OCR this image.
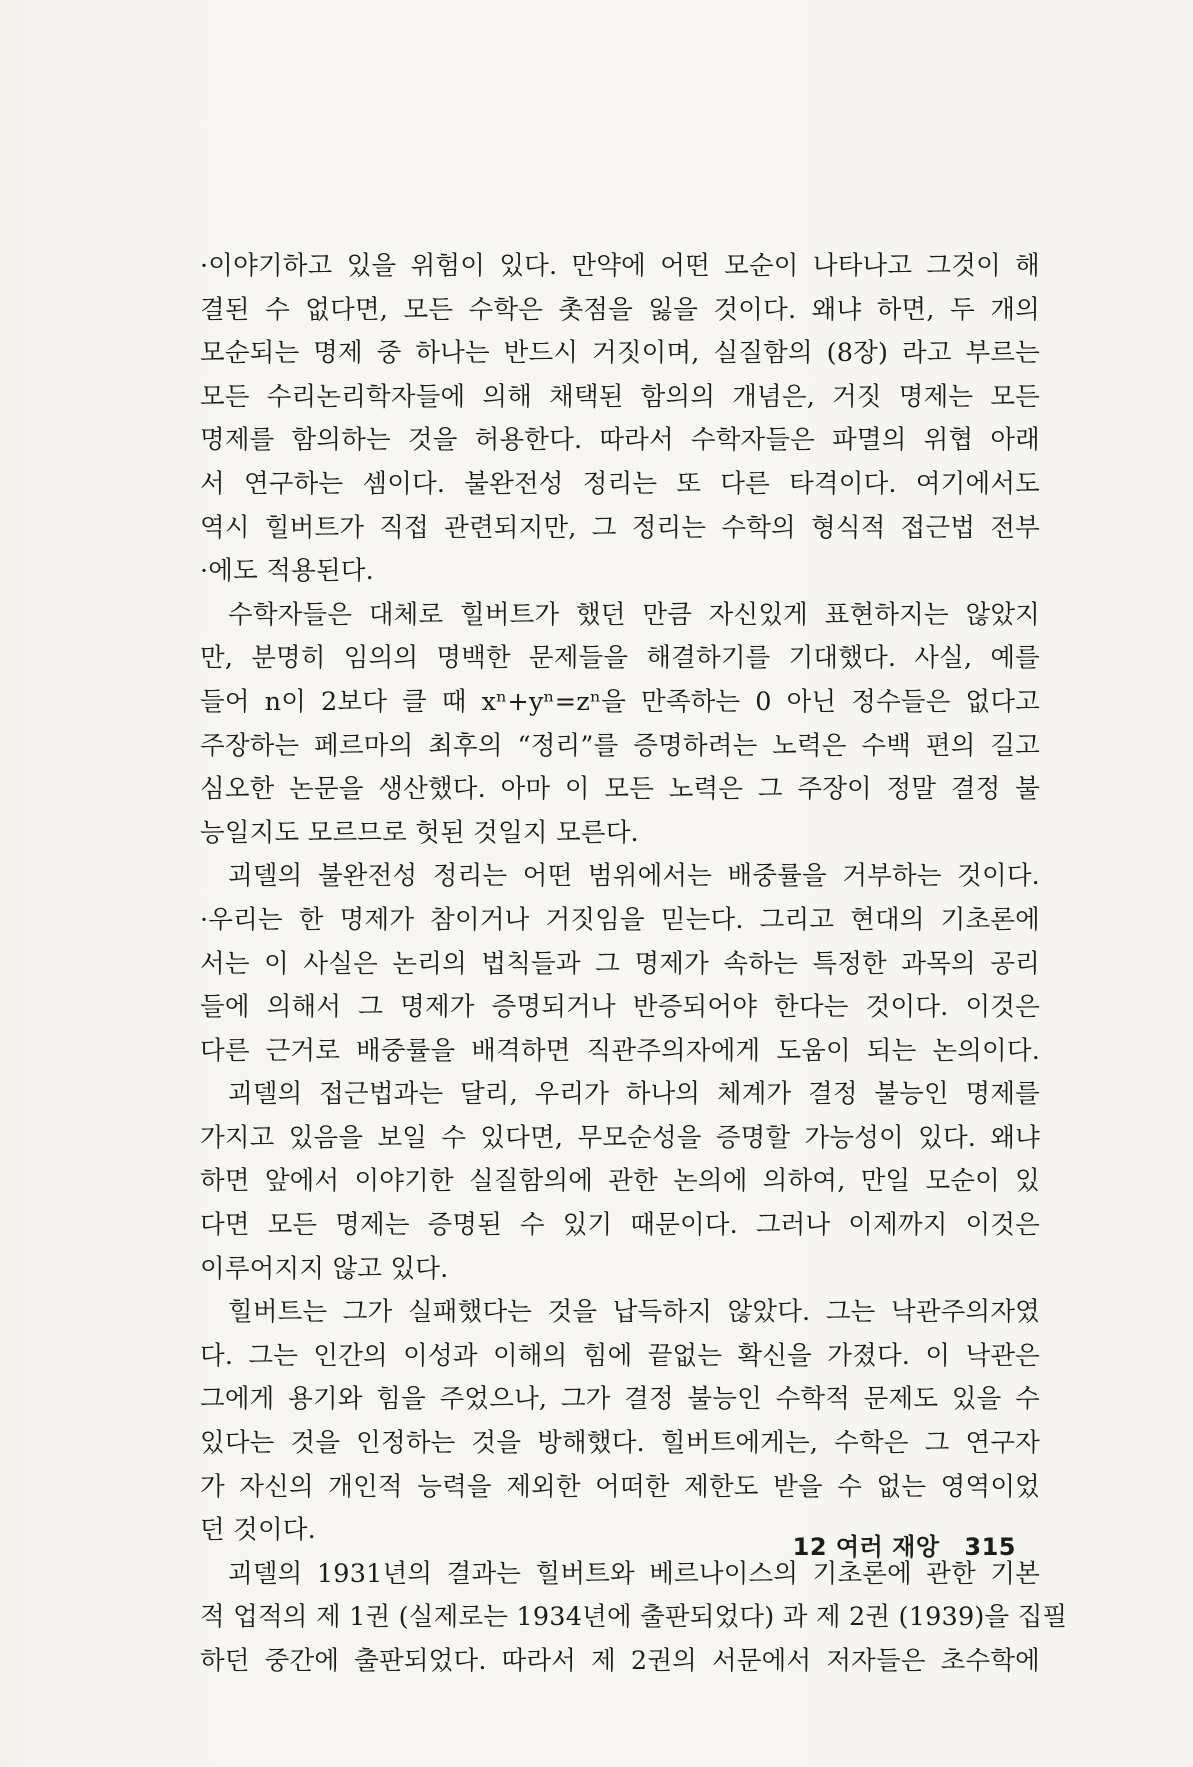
·이야기하고 있을 위험이 있다. 만약에 어떤 모순이 나타나고 그것이 해
결된 수 없다면, 모든 수학은 촛점을 잃을 것이다. 왜냐 하면, 두 개의
모순되는 명제 중 하나는 반드시 거짓이며, 실질함의 (8장) 라고 부르는
모든 수리논리학자들에 의해 채택된 함의의 개념은, 거짓 명제는 모든
명제를 함의하는 것을 허용한다. 따라서 수학자들은 파멸의 위협 아래
서 연구하는 셈이다. 불완전성 정리는 또 다른 타격이다. 여기에서도
역시 힐버트가 직접 관련되지만, 그 정리는 수학의 형식적 접근법 전부
·에도 적용된다.
수학자들은 대체로 힐버트가 했던 만큼 자신있게 표현하지는 않았지
만, 분명히 임의의 명백한 문제들을 해결하기를 기대했다. 사실, 예를
들어 n이 2보다 클 때 xⁿ+yⁿ=zⁿ을 만족하는 0 아닌 정수들은 없다고
주장하는 페르마의 최후의 “정리”를 증명하려는 노력은 수백 편의 길고
심오한 논문을 생산했다. 아마 이 모든 노력은 그 주장이 정말 결정 불
능일지도 모르므로 헛된 것일지 모른다.
괴델의 불완전성 정리는 어떤 범위에서는 배중률을 거부하는 것이다.
·우리는 한 명제가 참이거나 거짓임을 믿는다. 그리고 현대의 기초론에
서는 이 사실은 논리의 법칙들과 그 명제가 속하는 특정한 과목의 공리
들에 의해서 그 명제가 증명되거나 반증되어야 한다는 것이다. 이것은
다른 근거로 배중률을 배격하면 직관주의자에게 도움이 되는 논의이다.
괴델의 접근법과는 달리, 우리가 하나의 체계가 결정 불능인 명제를
가지고 있음을 보일 수 있다면, 무모순성을 증명할 가능성이 있다. 왜냐
하면 앞에서 이야기한 실질함의에 관한 논의에 의하여, 만일 모순이 있
다면 모든 명제는 증명된 수 있기 때문이다. 그러나 이제까지 이것은
이루어지지 않고 있다.
힐버트는 그가 실패했다는 것을 납득하지 않았다. 그는 낙관주의자였
다. 그는 인간의 이성과 이해의 힘에 끝없는 확신을 가졌다. 이 낙관은
그에게 용기와 힘을 주었으나, 그가 결정 불능인 수학적 문제도 있을 수
있다는 것을 인정하는 것을 방해했다. 힐버트에게는, 수학은 그 연구자
가 자신의 개인적 능력을 제외한 어떠한 제한도 받을 수 없는 영역이었
던 것이다.
괴델의 1931년의 결과는 힐버트와 베르나이스의 기초론에 관한 기본
적 업적의 제 1권 (실제로는 1934년에 출판되었다) 과 제 2권 (1939)을 집필
하던 중간에 출판되었다. 따라서 제 2권의 서문에서 저자들은 초수학에
12 여러 재앙 315
